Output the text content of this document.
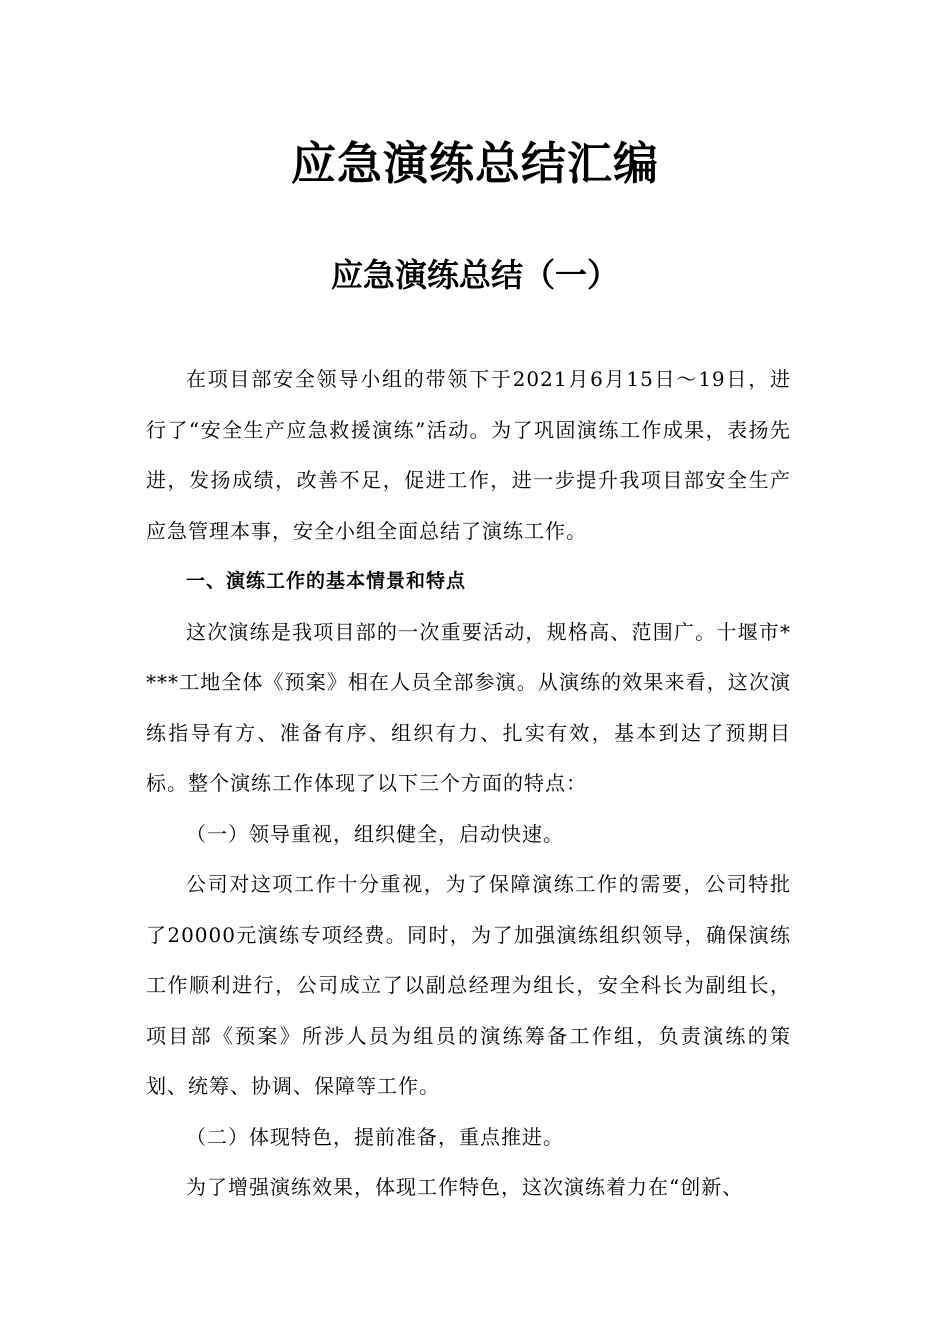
应急演练总结汇编
应急演练总结（一）

在项目部安全领导小组的带领下于2021月6月15日～19日，进行了“安全生产应急救援演练”活动。为了巩固演练工作成果，表扬先进，发扬成绩，改善不足，促进工作，进一步提升我项目部安全生产应急管理本事，安全小组全面总结了演练工作。

一、演练工作的基本情景和特点

这次演练是我项目部的一次重要活动，规格高、范围广。十堰市****工地全体《预案》相在人员全部参演。从演练的效果来看，这次演练指导有方、准备有序、组织有力、扎实有效，基本到达了预期目标。整个演练工作体现了以下三个方面的特点：

（一）领导重视，组织健全，启动快速。

公司对这项工作十分重视，为了保障演练工作的需要，公司特批了20000元演练专项经费。同时，为了加强演练组织领导，确保演练工作顺利进行，公司成立了以副总经理为组长，安全科长为副组长，项目部《预案》所涉人员为组员的演练筹备工作组，负责演练的策划、统筹、协调、保障等工作。

（二）体现特色，提前准备，重点推进。

为了增强演练效果，体现工作特色，这次演练着力在“创新、
